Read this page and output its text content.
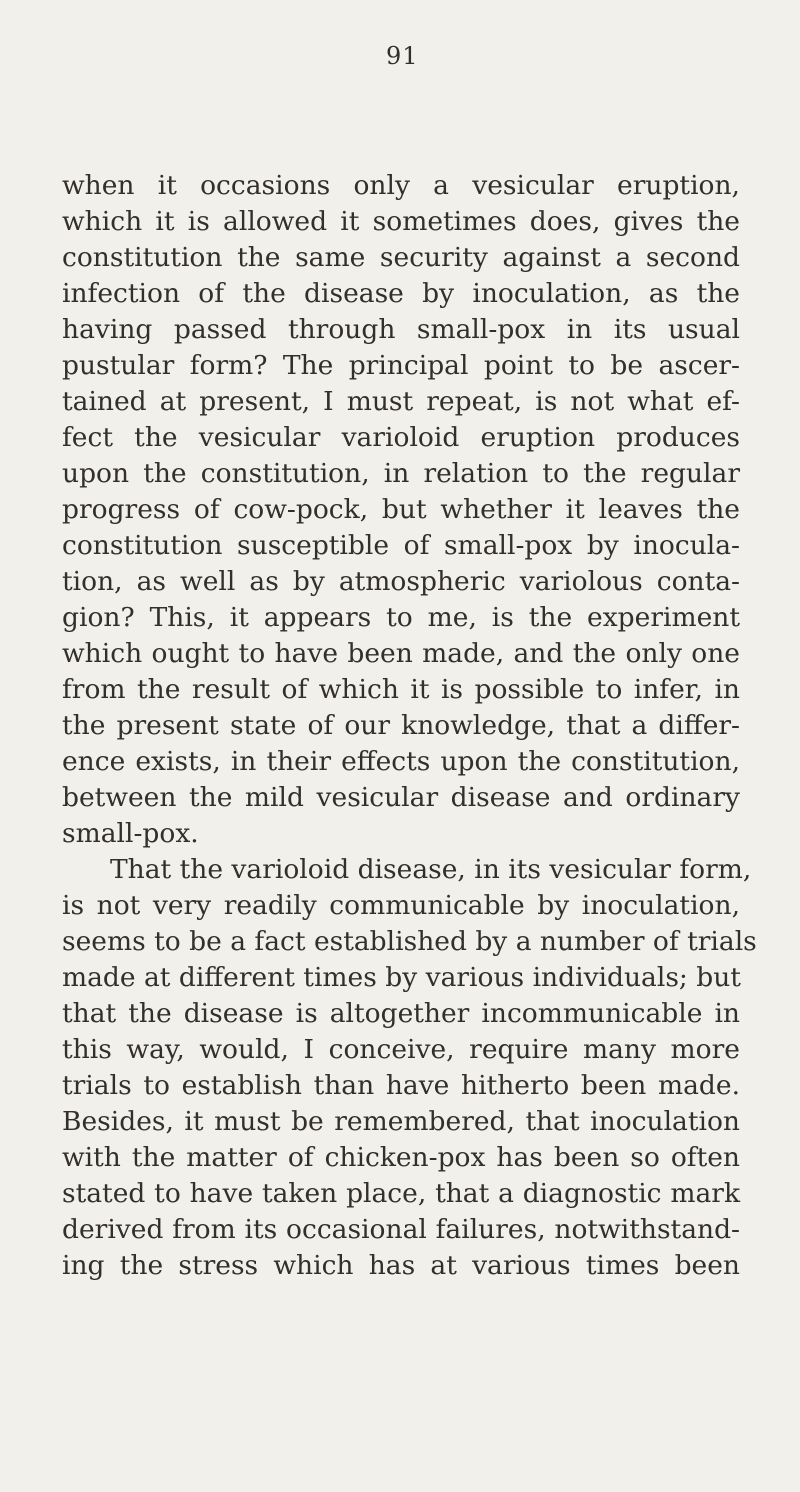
91
when it occasions only a vesicular eruption,
which it is allowed it sometimes does, gives the
constitution the same security against a second
infection of the disease by inoculation, as the
having passed through small-pox in its usual
pustular form? The principal point to be ascer-
tained at present, I must repeat, is not what ef-
fect the vesicular varioloid eruption produces
upon the constitution, in relation to the regular
progress of cow-pock, but whether it leaves the
constitution susceptible of small-pox by inocula-
tion, as well as by atmospheric variolous conta-
gion? This, it appears to me, is the experiment
which ought to have been made, and the only one
from the result of which it is possible to infer, in
the present state of our knowledge, that a differ-
ence exists, in their effects upon the constitution,
between the mild vesicular disease and ordinary
small-pox.
That the varioloid disease, in its vesicular form,
is not very readily communicable by inoculation,
seems to be a fact established by a number of trials
made at different times by various individuals; but
that the disease is altogether incommunicable in
this way, would, I conceive, require many more
trials to establish than have hitherto been made.
Besides, it must be remembered, that inoculation
with the matter of chicken-pox has been so often
stated to have taken place, that a diagnostic mark
derived from its occasional failures, notwithstand-
ing the stress which has at various times been
